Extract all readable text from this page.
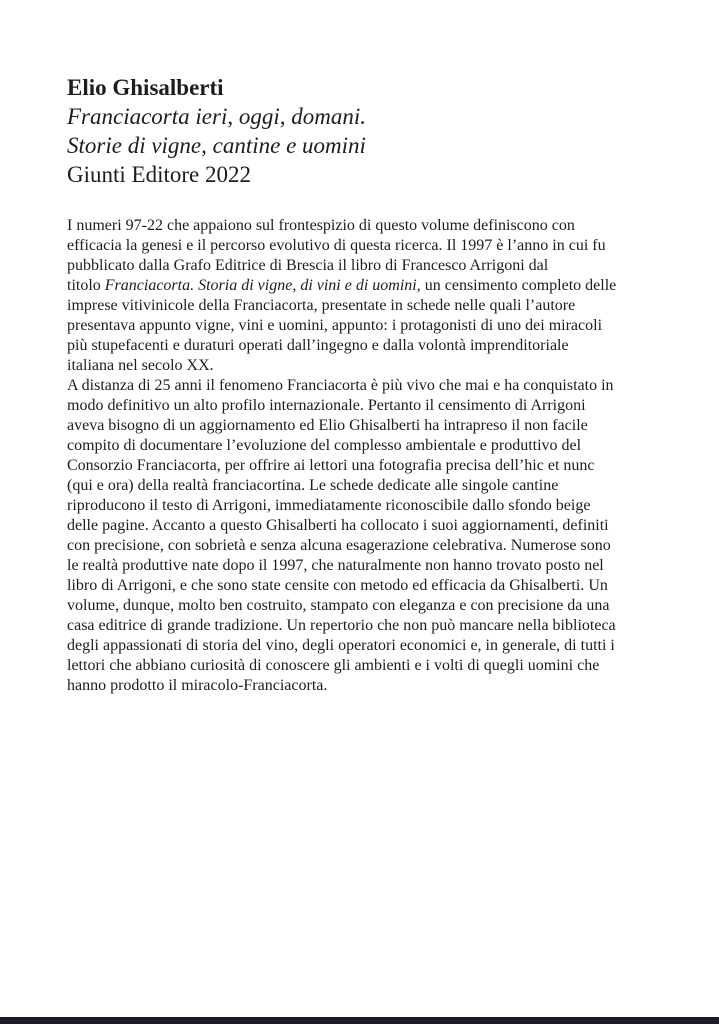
Elio Ghisalberti
Franciacorta ieri, oggi, domani.
Storie di vigne, cantine e uomini
Giunti Editore 2022
I numeri 97-22 che appaiono sul frontespizio di questo volume definiscono con
efficacia la genesi e il percorso evolutivo di questa ricerca. Il 1997 è l’anno in cui fu
pubblicato dalla Grafo Editrice di Brescia il libro di Francesco Arrigoni dal
titolo Franciacorta. Storia di vigne, di vini e di uomini, un censimento completo delle
imprese vitivinicole della Franciacorta, presentate in schede nelle quali l’autore
presentava appunto vigne, vini e uomini, appunto: i protagonisti di uno dei miracoli
più stupefacenti e duraturi operati dall’ingegno e dalla volontà imprenditoriale
italiana nel secolo XX.
A distanza di 25 anni il fenomeno Franciacorta è più vivo che mai e ha conquistato in
modo definitivo un alto profilo internazionale. Pertanto il censimento di Arrigoni
aveva bisogno di un aggiornamento ed Elio Ghisalberti ha intrapreso il non facile
compito di documentare l’evoluzione del complesso ambientale e produttivo del
Consorzio Franciacorta, per offrire ai lettori una fotografia precisa dell’hic et nunc
(qui e ora) della realtà franciacortina. Le schede dedicate alle singole cantine
riproducono il testo di Arrigoni, immediatamente riconoscibile dallo sfondo beige
delle pagine. Accanto a questo Ghisalberti ha collocato i suoi aggiornamenti, definiti
con precisione, con sobrietà e senza alcuna esagerazione celebrativa. Numerose sono
le realtà produttive nate dopo il 1997, che naturalmente non hanno trovato posto nel
libro di Arrigoni, e che sono state censite con metodo ed efficacia da Ghisalberti. Un
volume, dunque, molto ben costruito, stampato con eleganza e con precisione da una
casa editrice di grande tradizione. Un repertorio che non può mancare nella biblioteca
degli appassionati di storia del vino, degli operatori economici e, in generale, di tutti i
lettori che abbiano curiosità di conoscere gli ambienti e i volti di quegli uomini che
hanno prodotto il miracolo-Franciacorta.
